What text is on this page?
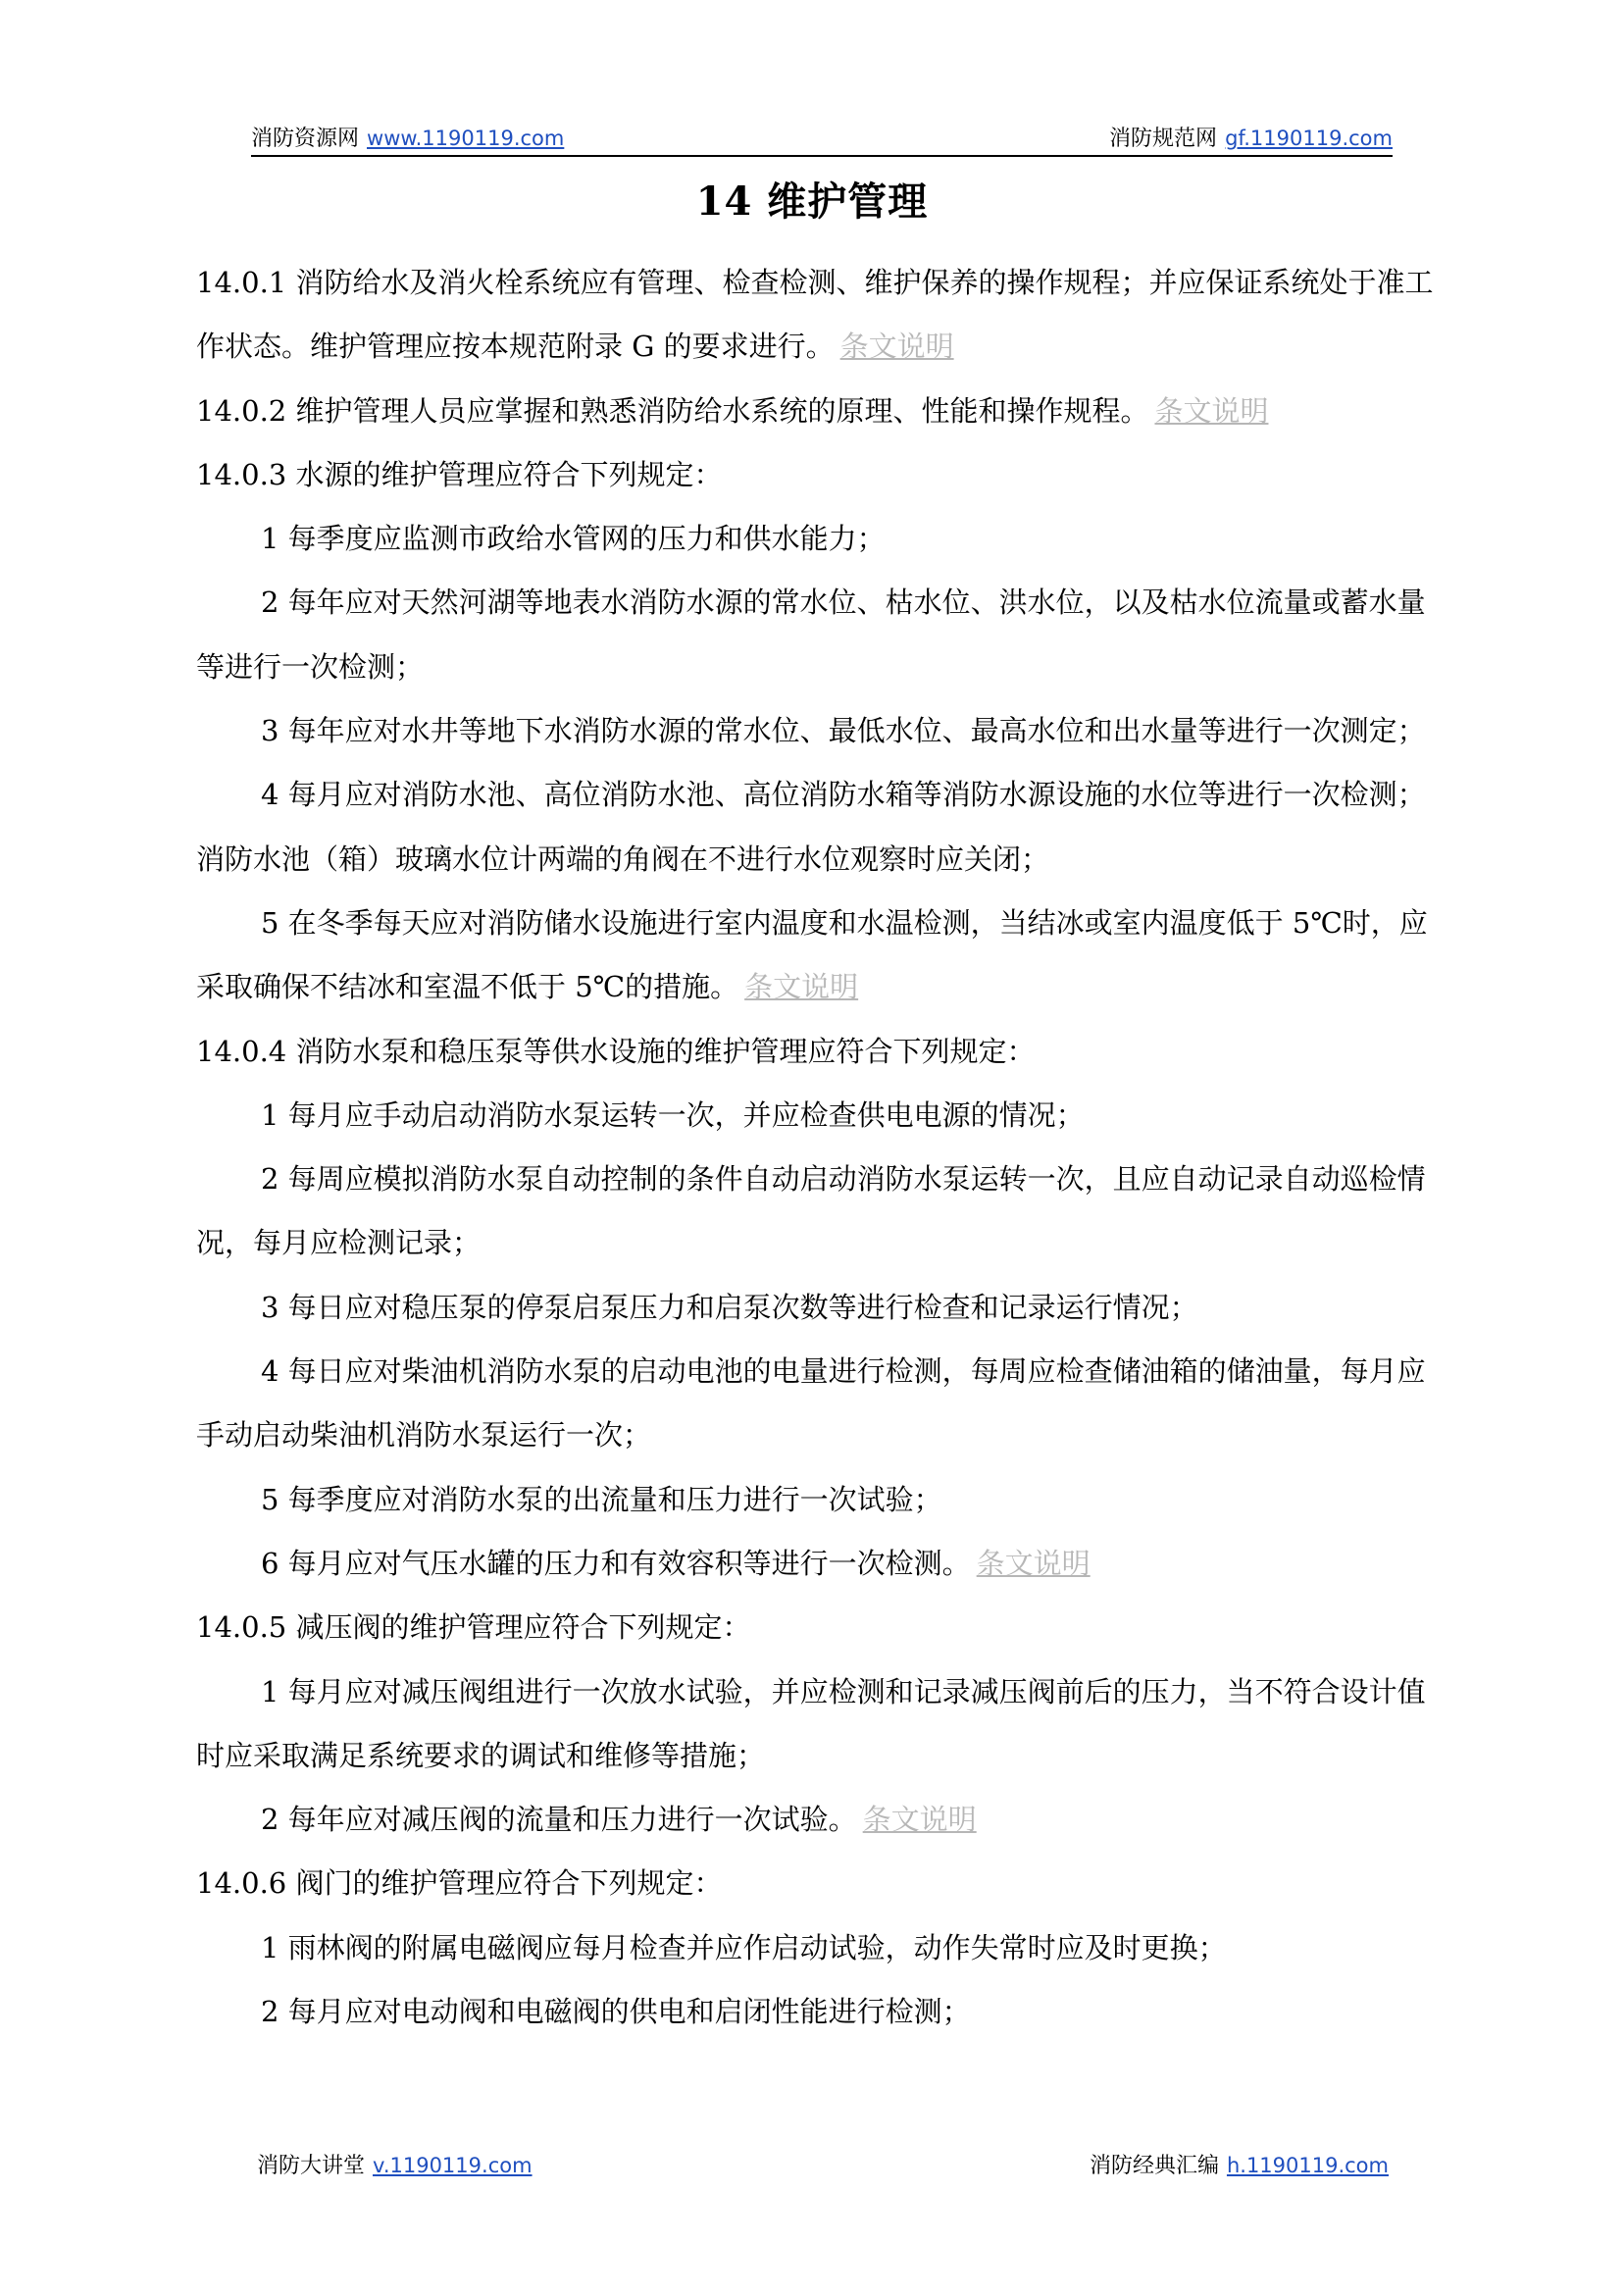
消防资源网 www.1190119.com	消防规范网 gf.1190119.com
14 维护管理

14.0.1 消防给水及消火栓系统应有管理、检查检测、维护保养的操作规程；并应保证系统处于准工作状态。维护管理应按本规范附录 G 的要求进行。 条文说明

14.0.2 维护管理人员应掌握和熟悉消防给水系统的原理、性能和操作规程。 条文说明

14.0.3 水源的维护管理应符合下列规定：

1 每季度应监测市政给水管网的压力和供水能力；

2 每年应对天然河湖等地表水消防水源的常水位、枯水位、洪水位，以及枯水位流量或蓄水量等进行一次检测；

3 每年应对水井等地下水消防水源的常水位、最低水位、最高水位和出水量等进行一次测定；

4 每月应对消防水池、高位消防水池、高位消防水箱等消防水源设施的水位等进行一次检测；消防水池（箱）玻璃水位计两端的角阀在不进行水位观察时应关闭；

5 在冬季每天应对消防储水设施进行室内温度和水温检测，当结冰或室内温度低于 5℃时，应采取确保不结冰和室温不低于 5℃的措施。 条文说明

14.0.4 消防水泵和稳压泵等供水设施的维护管理应符合下列规定：

1 每月应手动启动消防水泵运转一次，并应检查供电电源的情况；

2 每周应模拟消防水泵自动控制的条件自动启动消防水泵运转一次，且应自动记录自动巡检情况，每月应检测记录；

3 每日应对稳压泵的停泵启泵压力和启泵次数等进行检查和记录运行情况；

4 每日应对柴油机消防水泵的启动电池的电量进行检测，每周应检查储油箱的储油量，每月应手动启动柴油机消防水泵运行一次；

5 每季度应对消防水泵的出流量和压力进行一次试验；

6 每月应对气压水罐的压力和有效容积等进行一次检测。 条文说明

14.0.5 减压阀的维护管理应符合下列规定：

1 每月应对减压阀组进行一次放水试验，并应检测和记录减压阀前后的压力，当不符合设计值时应采取满足系统要求的调试和维修等措施；

2 每年应对减压阀的流量和压力进行一次试验。 条文说明

14.0.6 阀门的维护管理应符合下列规定：

1 雨林阀的附属电磁阀应每月检查并应作启动试验，动作失常时应及时更换；

2 每月应对电动阀和电磁阀的供电和启闭性能进行检测；

消防大讲堂 v.1190119.com	消防经典汇编 h.1190119.com
